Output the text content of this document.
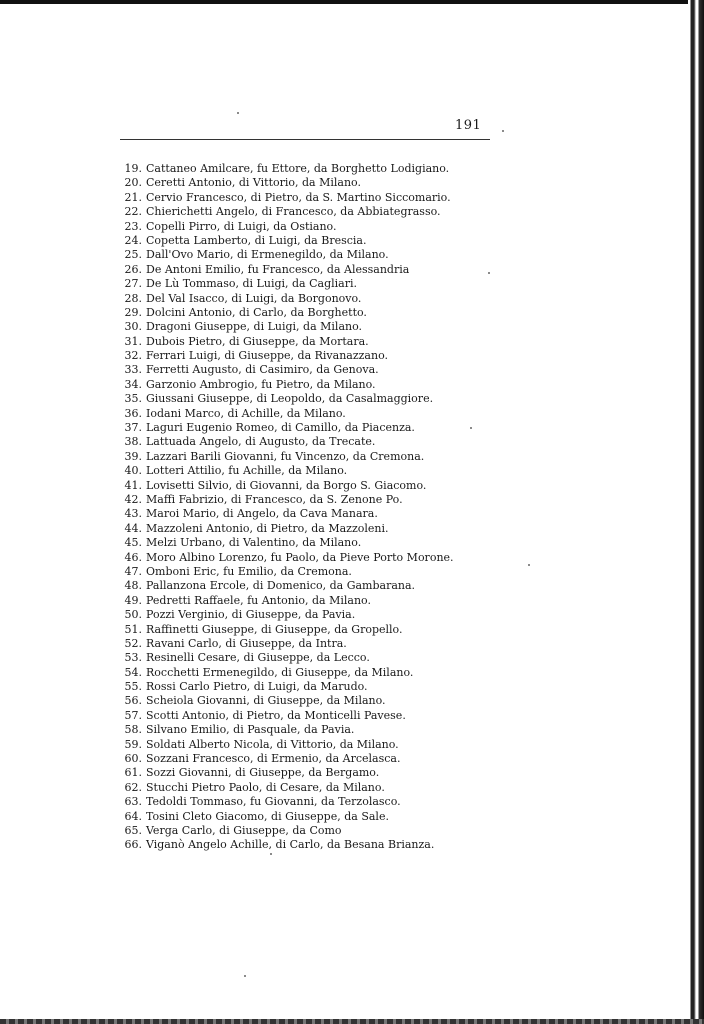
191
19. Cattaneo Amilcare, fu Ettore, da Borghetto Lodigiano.
20. Ceretti Antonio, di Vittorio, da Milano.
21. Cervio Francesco, di Pietro, da S. Martino Siccomario.
22. Chierichetti Angelo, di Francesco, da Abbiategrasso.
23. Copelli Pirro, di Luigi, da Ostiano.
24. Copetta Lamberto, di Luigi, da Brescia.
25. Dall'Ovo Mario, di Ermenegildo, da Milano.
26. De Antoni Emilio, fu Francesco, da Alessandria
27. De Lù Tommaso, di Luigi, da Cagliari.
28. Del Val Isacco, di Luigi, da Borgonovo.
29. Dolcini Antonio, di Carlo, da Borghetto.
30. Dragoni Giuseppe, di Luigi, da Milano.
31. Dubois Pietro, di Giuseppe, da Mortara.
32. Ferrari Luigi, di Giuseppe, da Rivanazzano.
33. Ferretti Augusto, di Casimiro, da Genova.
34. Garzonio Ambrogio, fu Pietro, da Milano.
35. Giussani Giuseppe, di Leopoldo, da Casalmaggiore.
36. Iodani Marco, di Achille, da Milano.
37. Laguri Eugenio Romeo, di Camillo, da Piacenza.
38. Lattuada Angelo, di Augusto, da Trecate.
39. Lazzari Barili Giovanni, fu Vincenzo, da Cremona.
40. Lotteri Attilio, fu Achille, da Milano.
41. Lovisetti Silvio, di Giovanni, da Borgo S. Giacomo.
42. Maffi Fabrizio, di Francesco, da S. Zenone Po.
43. Maroi Mario, di Angelo, da Cava Manara.
44. Mazzoleni Antonio, di Pietro, da Mazzoleni.
45. Melzi Urbano, di Valentino, da Milano.
46. Moro Albino Lorenzo, fu Paolo, da Pieve Porto Morone.
47. Omboni Eric, fu Emilio, da Cremona.
48. Pallanzona Ercole, di Domenico, da Gambarana.
49. Pedretti Raffaele, fu Antonio, da Milano.
50. Pozzi Verginio, di Giuseppe, da Pavia.
51. Raffinetti Giuseppe, di Giuseppe, da Gropello.
52. Ravani Carlo, di Giuseppe, da Intra.
53. Resinelli Cesare, di Giuseppe, da Lecco.
54. Rocchetti Ermenegildo, di Giuseppe, da Milano.
55. Rossi Carlo Pietro, di Luigi, da Marudo.
56. Scheiola Giovanni, di Giuseppe, da Milano.
57. Scotti Antonio, di Pietro, da Monticelli Pavese.
58. Silvano Emilio, di Pasquale, da Pavia.
59. Soldati Alberto Nicola, di Vittorio, da Milano.
60. Sozzani Francesco, di Ermenio, da Arcelasca.
61. Sozzi Giovanni, di Giuseppe, da Bergamo.
62. Stucchi Pietro Paolo, di Cesare, da Milano.
63. Tedoldi Tommaso, fu Giovanni, da Terzolasco.
64. Tosini Cleto Giacomo, di Giuseppe, da Sale.
65. Verga Carlo, di Giuseppe, da Como
66. Viganò Angelo Achille, di Carlo, da Besana Brianza.
